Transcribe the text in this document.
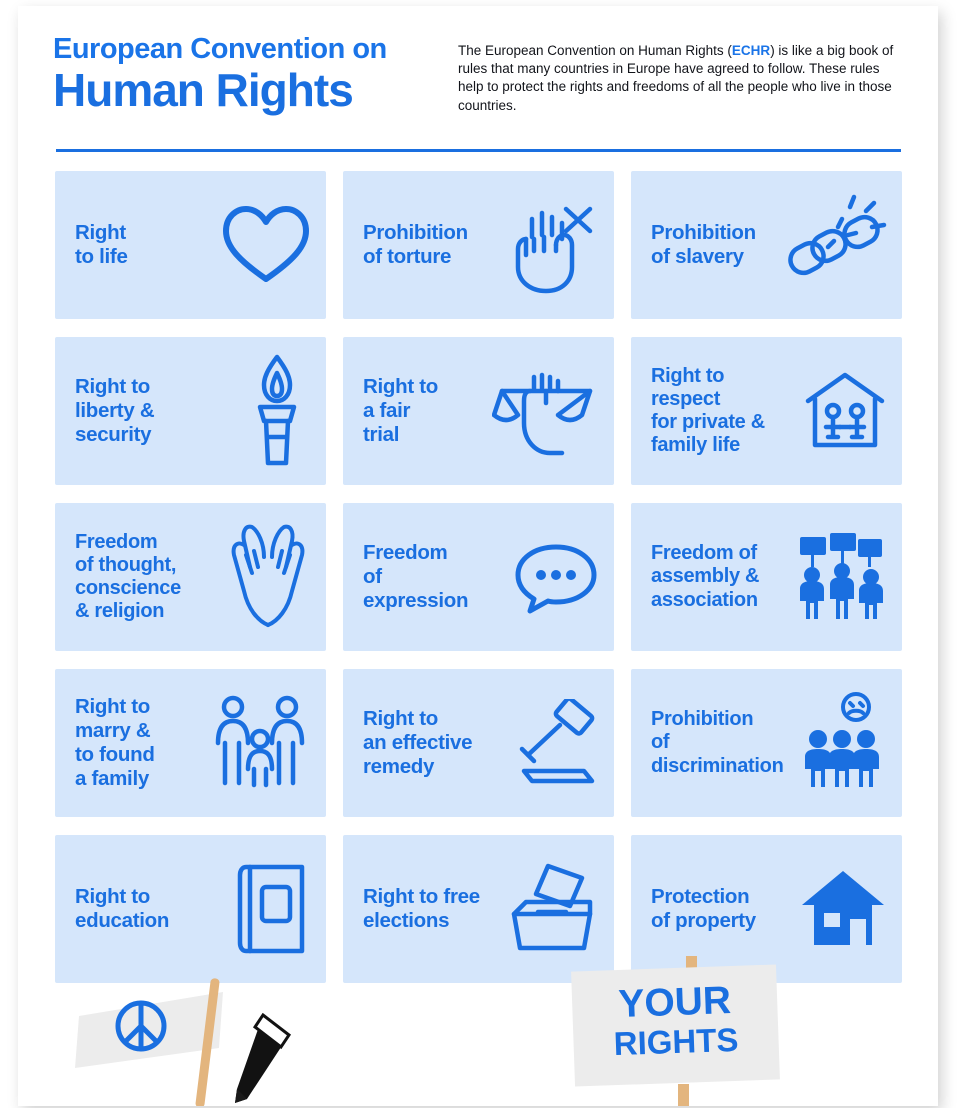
European Convention on
Human Rights
The European Convention on Human Rights (ECHR) is like a big book of rules that many countries in Europe have agreed to follow. These rules help to protect the rights and freedoms of all the people who live in those countries.
Right
to life
Prohibition
of torture
Prohibition
of slavery
Right to
liberty &
security
Right to
a fair
trial
Right to
respect
for private &
family life
Freedom
of thought,
conscience
& religion
Freedom
of
expression
Freedom of
assembly &
association
Right to
marry &
to found
a family
Right to
an effective
remedy
Prohibition
of discrimination
Right to
education
Right to free
elections
Protection
of property
YOUR
RIGHTS
